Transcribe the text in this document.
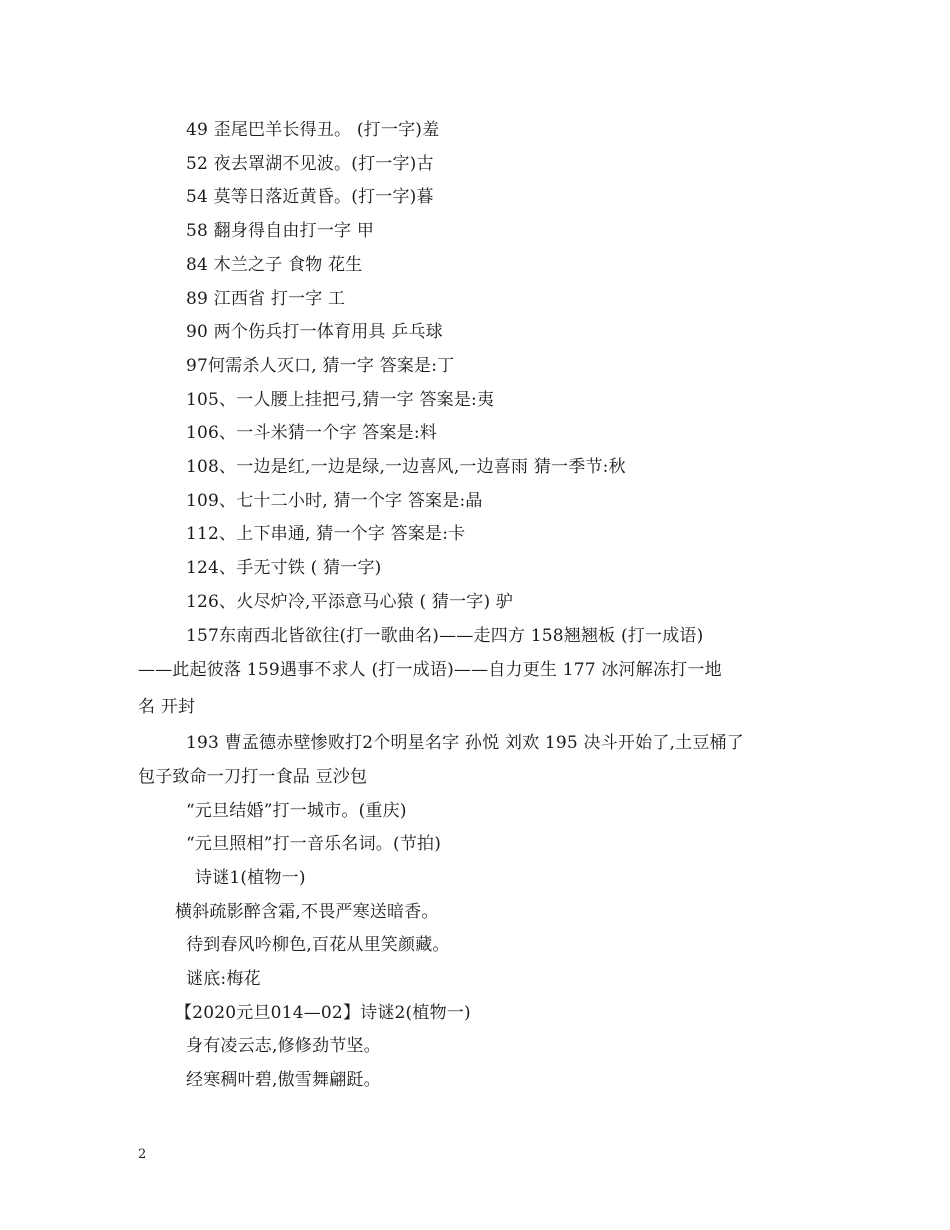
49 歪尾巴羊长得丑。 (打一字)羞
52 夜去罩湖不见波。(打一字)古
54 莫等日落近黄昏。(打一字)暮
58 翻身得自由打一字 甲
84 木兰之子 食物 花生
89 江西省 打一字 工
90 两个伤兵打一体育用具 乒乓球
97何需杀人灭口, 猜一字 答案是:丁
105、一人腰上挂把弓,猜一字 答案是:夷
106、一斗米猜一个字 答案是:料
108、一边是红,一边是绿,一边喜风,一边喜雨 猜一季节:秋
109、七十二小时, 猜一个字 答案是:晶
112、上下串通, 猜一个字 答案是:卡
124、手无寸铁 ( 猜一字)
126、火尽炉冷,平添意马心猿 ( 猜一字) 驴
157东南西北皆欲往(打一歌曲名)——走四方 158翘翘板 (打一成语)
——此起彼落 159遇事不求人 (打一成语)——自力更生 177 冰河解冻打一地
名 开封
193 曹孟德赤壁惨败打2个明星名字 孙悦 刘欢 195 决斗开始了,土豆桶了
包子致命一刀打一食品 豆沙包
“元旦结婚”打一城市。(重庆)
“元旦照相”打一音乐名词。(节拍)
诗谜1(植物一)
横斜疏影醉含霜,不畏严寒送暗香。
待到春风吟柳色,百花从里笑颜藏。
谜底:梅花
【2020元旦014—02】诗谜2(植物一)
身有凌云志,修修劲节坚。
经寒稠叶碧,傲雪舞翩跹。
2
